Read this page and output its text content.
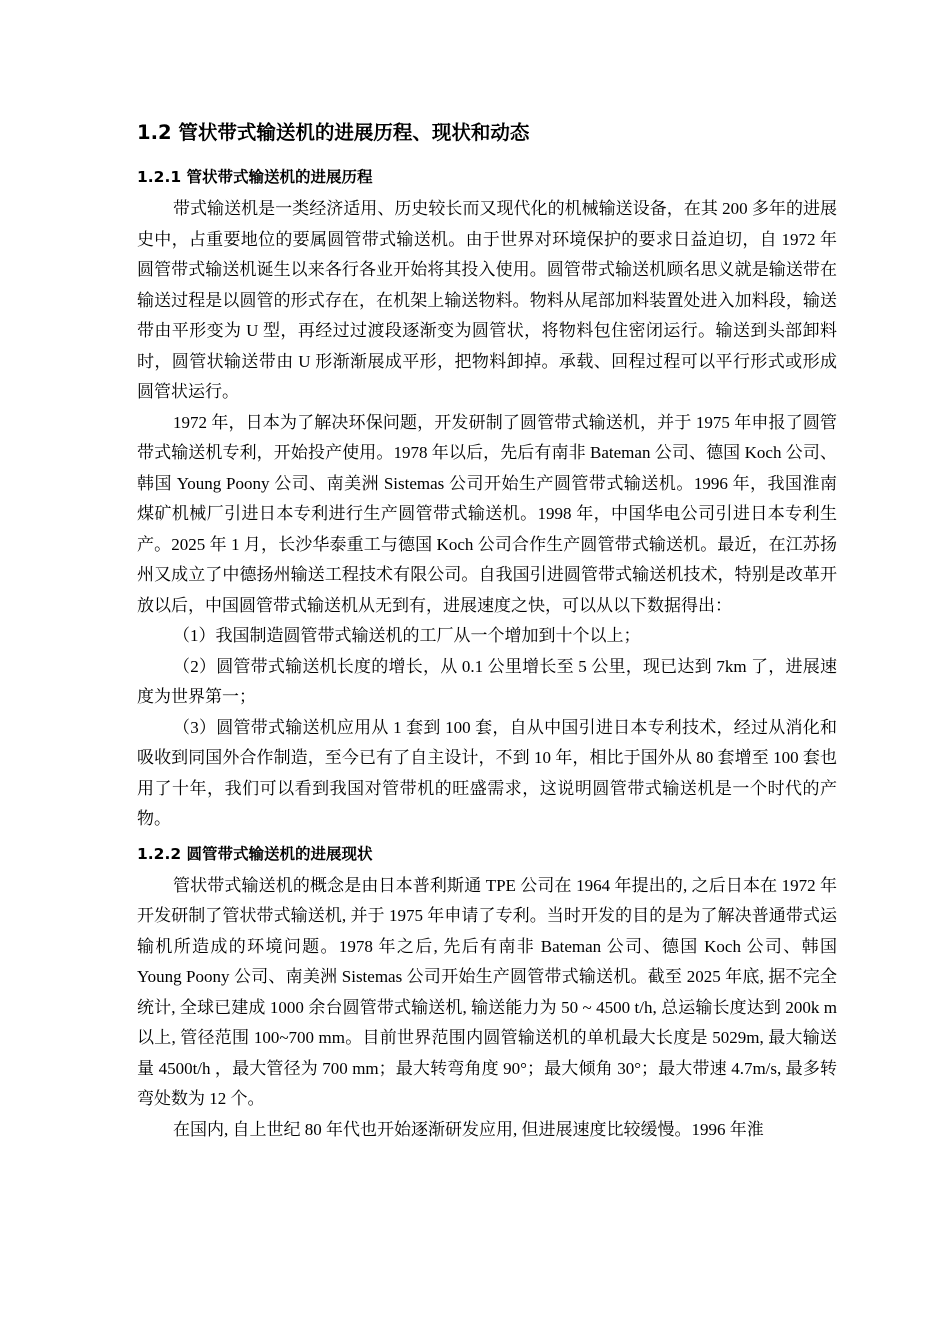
1.2 管状带式输送机的进展历程、现状和动态
1.2.1 管状带式输送机的进展历程

带式输送机是一类经济适用、历史较长而又现代化的机械输送设备，在其 200 多年的进展史中，占重要地位的要属圆管带式输送机。由于世界对环境保护的要求日益迫切，自 1972 年圆管带式输送机诞生以来各行各业开始将其投入使用。圆管带式输送机顾名思义就是输送带在输送过程是以圆管的形式存在，在机架上输送物料。物料从尾部加料装置处进入加料段，输送带由平形变为 U 型，再经过过渡段逐渐变为圆管状，将物料包住密闭运行。输送到头部卸料时，圆管状输送带由 U 形渐渐展成平形，把物料卸掉。承载、回程过程可以平行形式或形成圆管状运行。

1972 年，日本为了解决环保问题，开发研制了圆管带式输送机，并于 1975 年申报了圆管带式输送机专利，开始投产使用。1978 年以后，先后有南非 Bateman 公司、德国 Koch 公司、韩国 Young Poony 公司、南美洲 Sistemas 公司开始生产圆管带式输送机。1996 年，我国淮南煤矿机械厂引进日本专利进行生产圆管带式输送机。1998 年，中国华电公司引进日本专利生产。2025 年 1 月，长沙华泰重工与德国 Koch 公司合作生产圆管带式输送机。最近，在江苏扬州又成立了中德扬州输送工程技术有限公司。自我国引进圆管带式输送机技术，特别是改革开放以后，中国圆管带式输送机从无到有，进展速度之快，可以从以下数据得出：

（1）我国制造圆管带式输送机的工厂从一个增加到十个以上；

（2）圆管带式输送机长度的增长，从 0.1 公里增长至 5 公里，现已达到 7km 了，进展速度为世界第一；

（3）圆管带式输送机应用从 1 套到 100 套，自从中国引进日本专利技术，经过从消化和吸收到同国外合作制造，至今已有了自主设计，不到 10 年，相比于国外从 80 套增至 100 套也用了十年，我们可以看到我国对管带机的旺盛需求，这说明圆管带式输送机是一个时代的产物。

1.2.2 圆管带式输送机的进展现状

管状带式输送机的概念是由日本普利斯通 TPE 公司在 1964 年提出的, 之后日本在 1972 年开发研制了管状带式输送机, 并于 1975 年申请了专利。当时开发的目的是为了解决普通带式运输机所造成的环境问题。1978 年之后, 先后有南非 Bateman 公司、德国 Koch 公司、韩国 Young Poony 公司、南美洲 Sistemas 公司开始生产圆管带式输送机。截至 2025 年底, 据不完全统计, 全球已建成 1000 余台圆管带式输送机, 输送能力为 50 ~ 4500 t/h, 总运输长度达到 200k m 以上, 管径范围 100~700 mm。目前世界范围内圆管输送机的单机最大长度是 5029m, 最大输送量 4500t/h ，最大管径为 700 mm；最大转弯角度 90°；最大倾角 30°；最大带速 4.7m/s, 最多转弯处数为 12 个。

在国内, 自上世纪 80 年代也开始逐渐研发应用, 但进展速度比较缓慢。1996 年淮
